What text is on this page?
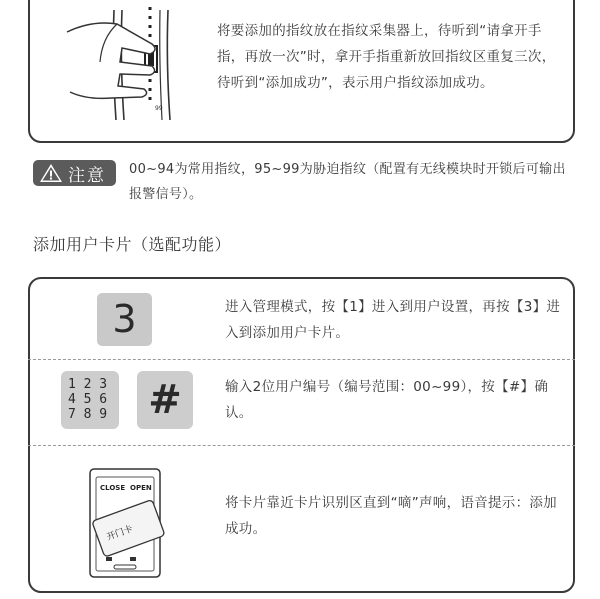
99
将要添加的指纹放在指纹采集器上，待听到“请拿开手指，再放一次”时，拿开手指重新放回指纹区重复三次，待听到“添加成功”，表示用户指纹添加成功。
注意 00~94为常用指纹，95~99为胁迫指纹（配置有无线模块时开锁后可输出报警信号）。
添加用户卡片（选配功能）
3	进入管理模式，按【1】进入到用户设置，再按【3】进入到添加用户卡片。
1 2 3
4 5 6
7 8 9 #	输入2位用户编号（编号范围：00~99），按【#】确认。
CLOSE OPEN
开门卡
将卡片靠近卡片识别区直到“嘀”声响，语音提示：添加成功。
